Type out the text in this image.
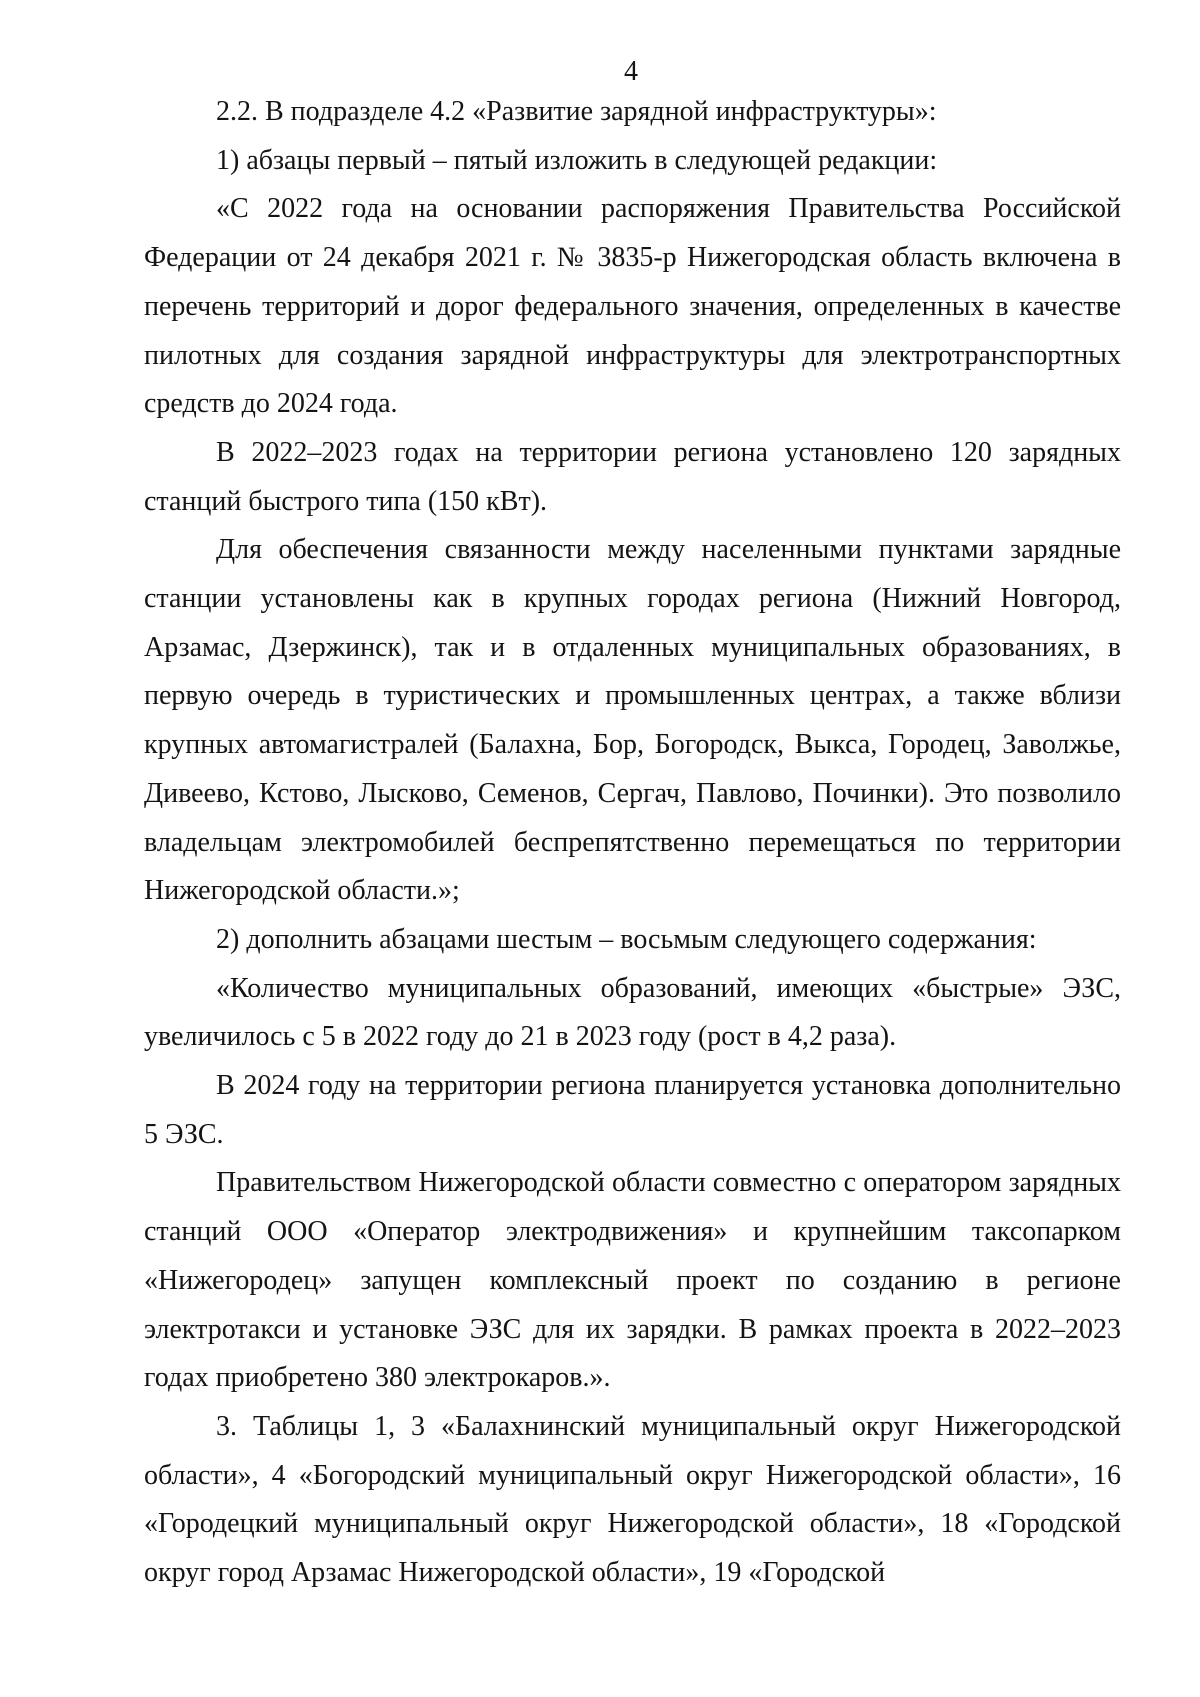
4

2.2. В подразделе 4.2 «Развитие зарядной инфраструктуры»:

1) абзацы первый – пятый изложить в следующей редакции:

«С 2022 года на основании распоряжения Правительства Российской Федерации от 24 декабря 2021 г. № 3835-р Нижегородская область включена в перечень территорий и дорог федерального значения, определенных в качестве пилотных для создания зарядной инфраструктуры для электротранспортных средств до 2024 года.

В 2022–2023 годах на территории региона установлено 120 зарядных станций быстрого типа (150 кВт).

Для обеспечения связанности между населенными пунктами зарядные станции установлены как в крупных городах региона (Нижний Новгород, Арзамас, Дзержинск), так и в отдаленных муниципальных образованиях, в первую очередь в туристических и промышленных центрах, а также вблизи крупных автомагистралей (Балахна, Бор, Богородск, Выкса, Городец, Заволжье, Дивеево, Кстово, Лысково, Семенов, Сергач, Павлово, Починки). Это позволило владельцам электромобилей беспрепятственно перемещаться по территории Нижегородской области.»;

2) дополнить абзацами шестым – восьмым следующего содержания:

«Количество муниципальных образований, имеющих «быстрые» ЭЗС, увеличилось с 5 в 2022 году до 21 в 2023 году (рост в 4,2 раза).

В 2024 году на территории региона планируется установка дополнительно 5 ЭЗС.

Правительством Нижегородской области совместно с оператором зарядных станций ООО «Оператор электродвижения» и крупнейшим таксопарком «Нижегородец» запущен комплексный проект по созданию в регионе электротакси и установке ЭЗС для их зарядки. В рамках проекта в 2022–2023 годах приобретено 380 электрокаров.».

3. Таблицы 1, 3 «Балахнинский муниципальный округ Нижегородской области», 4 «Богородский муниципальный округ Нижегородской области», 16 «Городецкий муниципальный округ Нижегородской области», 18 «Городской округ город Арзамас Нижегородской области», 19 «Городской
